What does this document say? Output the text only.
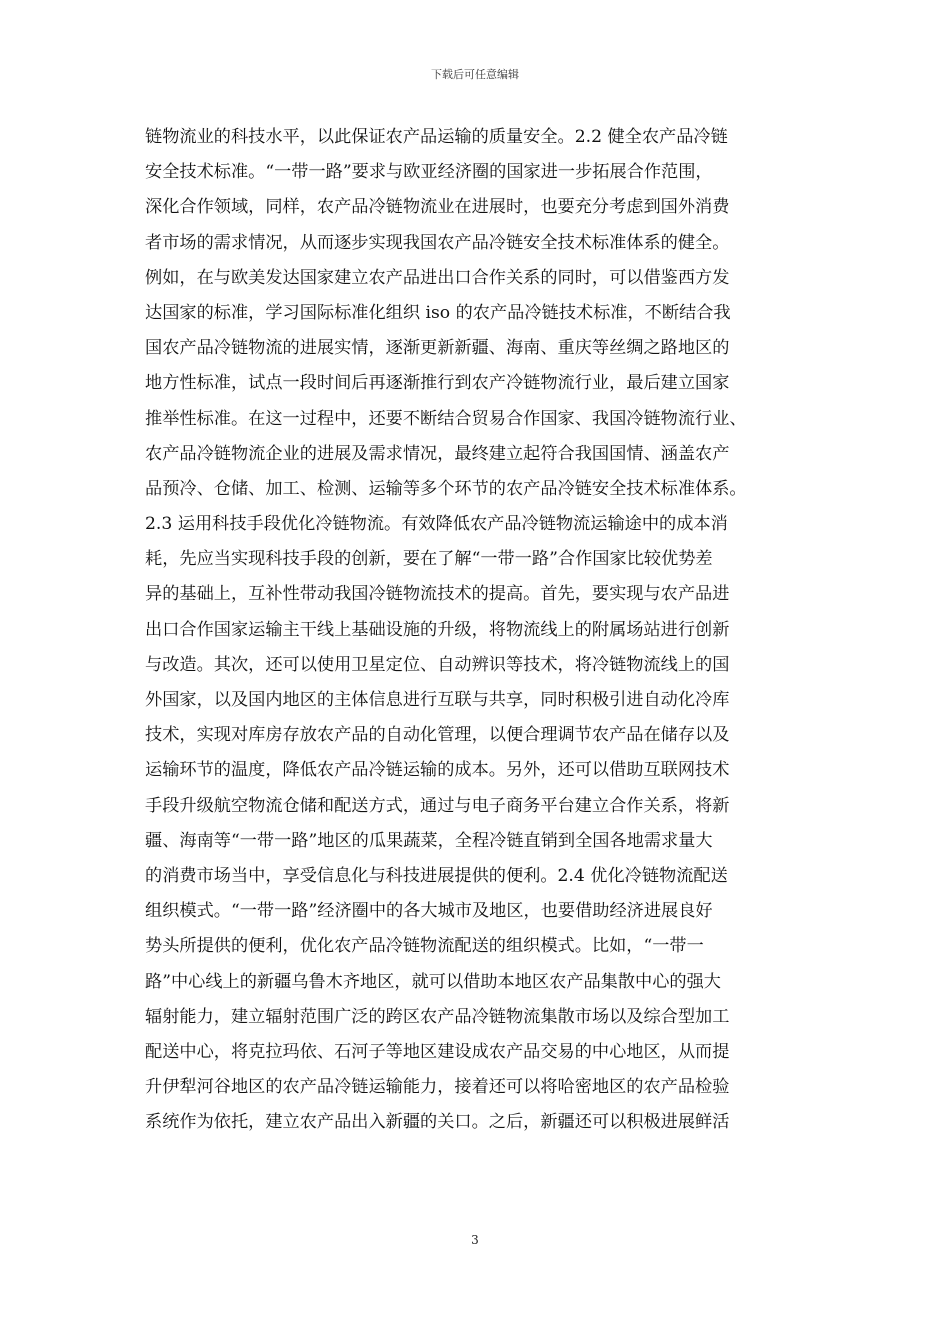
下载后可任意编辑
链物流业的科技水平，以此保证农产品运输的质量安全。2.2 健全农产品冷链
安全技术标准。“一带一路”要求与欧亚经济圈的国家进一步拓展合作范围，
深化合作领域，同样，农产品冷链物流业在进展时，也要充分考虑到国外消费
者市场的需求情况，从而逐步实现我国农产品冷链安全技术标准体系的健全。
例如，在与欧美发达国家建立农产品进出口合作关系的同时，可以借鉴西方发
达国家的标准，学习国际标准化组织 iso 的农产品冷链技术标准，不断结合我
国农产品冷链物流的进展实情，逐渐更新新疆、海南、重庆等丝绸之路地区的
地方性标准，试点一段时间后再逐渐推行到农产冷链物流行业，最后建立国家
推举性标准。在这一过程中，还要不断结合贸易合作国家、我国冷链物流行业、
农产品冷链物流企业的进展及需求情况，最终建立起符合我国国情、涵盖农产
品预冷、仓储、加工、检测、运输等多个环节的农产品冷链安全技术标准体系。
2.3 运用科技手段优化冷链物流。有效降低农产品冷链物流运输途中的成本消
耗，先应当实现科技手段的创新，要在了解“一带一路”合作国家比较优势差
异的基础上，互补性带动我国冷链物流技术的提高。首先，要实现与农产品进
出口合作国家运输主干线上基础设施的升级，将物流线上的附属场站进行创新
与改造。其次，还可以使用卫星定位、自动辨识等技术，将冷链物流线上的国
外国家，以及国内地区的主体信息进行互联与共享，同时积极引进自动化冷库
技术，实现对库房存放农产品的自动化管理，以便合理调节农产品在储存以及
运输环节的温度，降低农产品冷链运输的成本。另外，还可以借助互联网技术
手段升级航空物流仓储和配送方式，通过与电子商务平台建立合作关系，将新
疆、海南等“一带一路”地区的瓜果蔬菜，全程冷链直销到全国各地需求量大
的消费市场当中，享受信息化与科技进展提供的便利。2.4 优化冷链物流配送
组织模式。“一带一路”经济圈中的各大城市及地区，也要借助经济进展良好
势头所提供的便利，优化农产品冷链物流配送的组织模式。比如，“一带一
路”中心线上的新疆乌鲁木齐地区，就可以借助本地区农产品集散中心的强大
辐射能力，建立辐射范围广泛的跨区农产品冷链物流集散市场以及综合型加工
配送中心，将克拉玛依、石河子等地区建设成农产品交易的中心地区，从而提
升伊犁河谷地区的农产品冷链运输能力，接着还可以将哈密地区的农产品检验
系统作为依托，建立农产品出入新疆的关口。之后，新疆还可以积极进展鲜活
3
